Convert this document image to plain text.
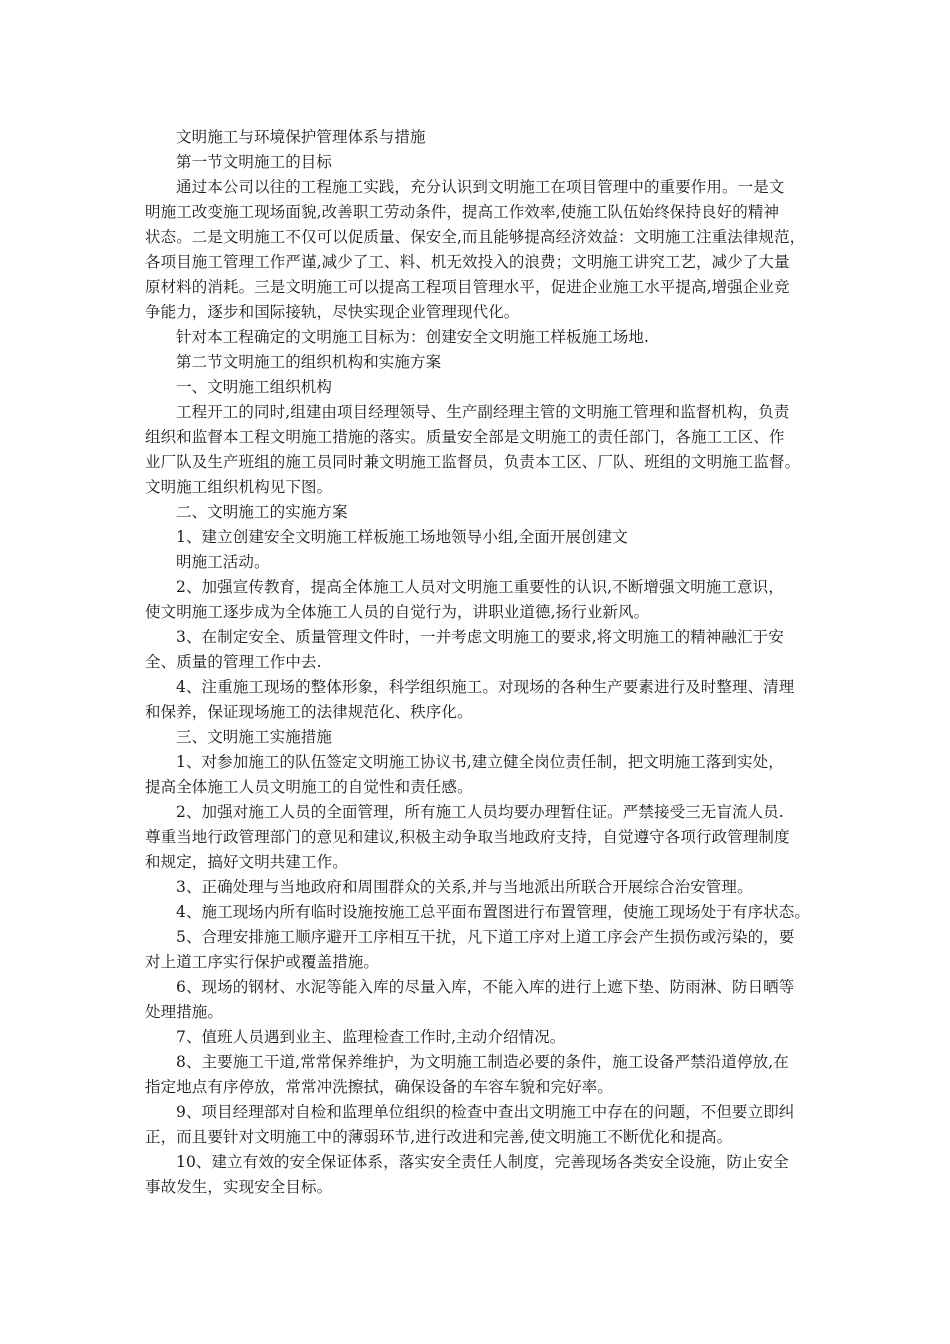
文明施工与环境保护管理体系与措施
第一节文明施工的目标
通过本公司以往的工程施工实践，充分认识到文明施工在项目管理中的重要作用。一是文
明施工改变施工现场面貌,改善职工劳动条件，提高工作效率,使施工队伍始终保持良好的精神
状态。二是文明施工不仅可以促质量、保安全,而且能够提高经济效益：文明施工注重法律规范，
各项目施工管理工作严谨,减少了工、料、机无效投入的浪费；文明施工讲究工艺，减少了大量
原材料的消耗。三是文明施工可以提高工程项目管理水平，促进企业施工水平提高,增强企业竞
争能力，逐步和国际接轨，尽快实现企业管理现代化。
针对本工程确定的文明施工目标为：创建安全文明施工样板施工场地.
第二节文明施工的组织机构和实施方案
一、文明施工组织机构
工程开工的同时,组建由项目经理领导、生产副经理主管的文明施工管理和监督机构，负责
组织和监督本工程文明施工措施的落实。质量安全部是文明施工的责任部门，各施工工区、作
业厂队及生产班组的施工员同时兼文明施工监督员，负责本工区、厂队、班组的文明施工监督。
文明施工组织机构见下图。
二、文明施工的实施方案
1、建立创建安全文明施工样板施工场地领导小组,全面开展创建文
明施工活动。
2、加强宣传教育，提高全体施工人员对文明施工重要性的认识,不断增强文明施工意识，
使文明施工逐步成为全体施工人员的自觉行为，讲职业道德,扬行业新风。
3、在制定安全、质量管理文件时，一并考虑文明施工的要求,将文明施工的精神融汇于安
全、质量的管理工作中去.
4、注重施工现场的整体形象，科学组织施工。对现场的各种生产要素进行及时整理、清理
和保养，保证现场施工的法律规范化、秩序化。
三、文明施工实施措施
1、对参加施工的队伍签定文明施工协议书,建立健全岗位责任制，把文明施工落到实处，
提高全体施工人员文明施工的自觉性和责任感。
2、加强对施工人员的全面管理，所有施工人员均要办理暂住证。严禁接受三无盲流人员.
尊重当地行政管理部门的意见和建议,积极主动争取当地政府支持，自觉遵守各项行政管理制度
和规定，搞好文明共建工作。
3、正确处理与当地政府和周围群众的关系,并与当地派出所联合开展综合治安管理。
4、施工现场内所有临时设施按施工总平面布置图进行布置管理，使施工现场处于有序状态。
5、合理安排施工顺序避开工序相互干扰，凡下道工序对上道工序会产生损伤或污染的，要
对上道工序实行保护或覆盖措施。
6、现场的钢材、水泥等能入库的尽量入库，不能入库的进行上遮下垫、防雨淋、防日晒等
处理措施。
7、值班人员遇到业主、监理检查工作时,主动介绍情况。
8、主要施工干道,常常保养维护，为文明施工制造必要的条件，施工设备严禁沿道停放,在
指定地点有序停放，常常冲洗擦拭，确保设备的车容车貌和完好率。
9、项目经理部对自检和监理单位组织的检查中查出文明施工中存在的问题，不但要立即纠
正，而且要针对文明施工中的薄弱环节,进行改进和完善,使文明施工不断优化和提高。
10、建立有效的安全保证体系，落实安全责任人制度，完善现场各类安全设施，防止安全
事故发生，实现安全目标。
